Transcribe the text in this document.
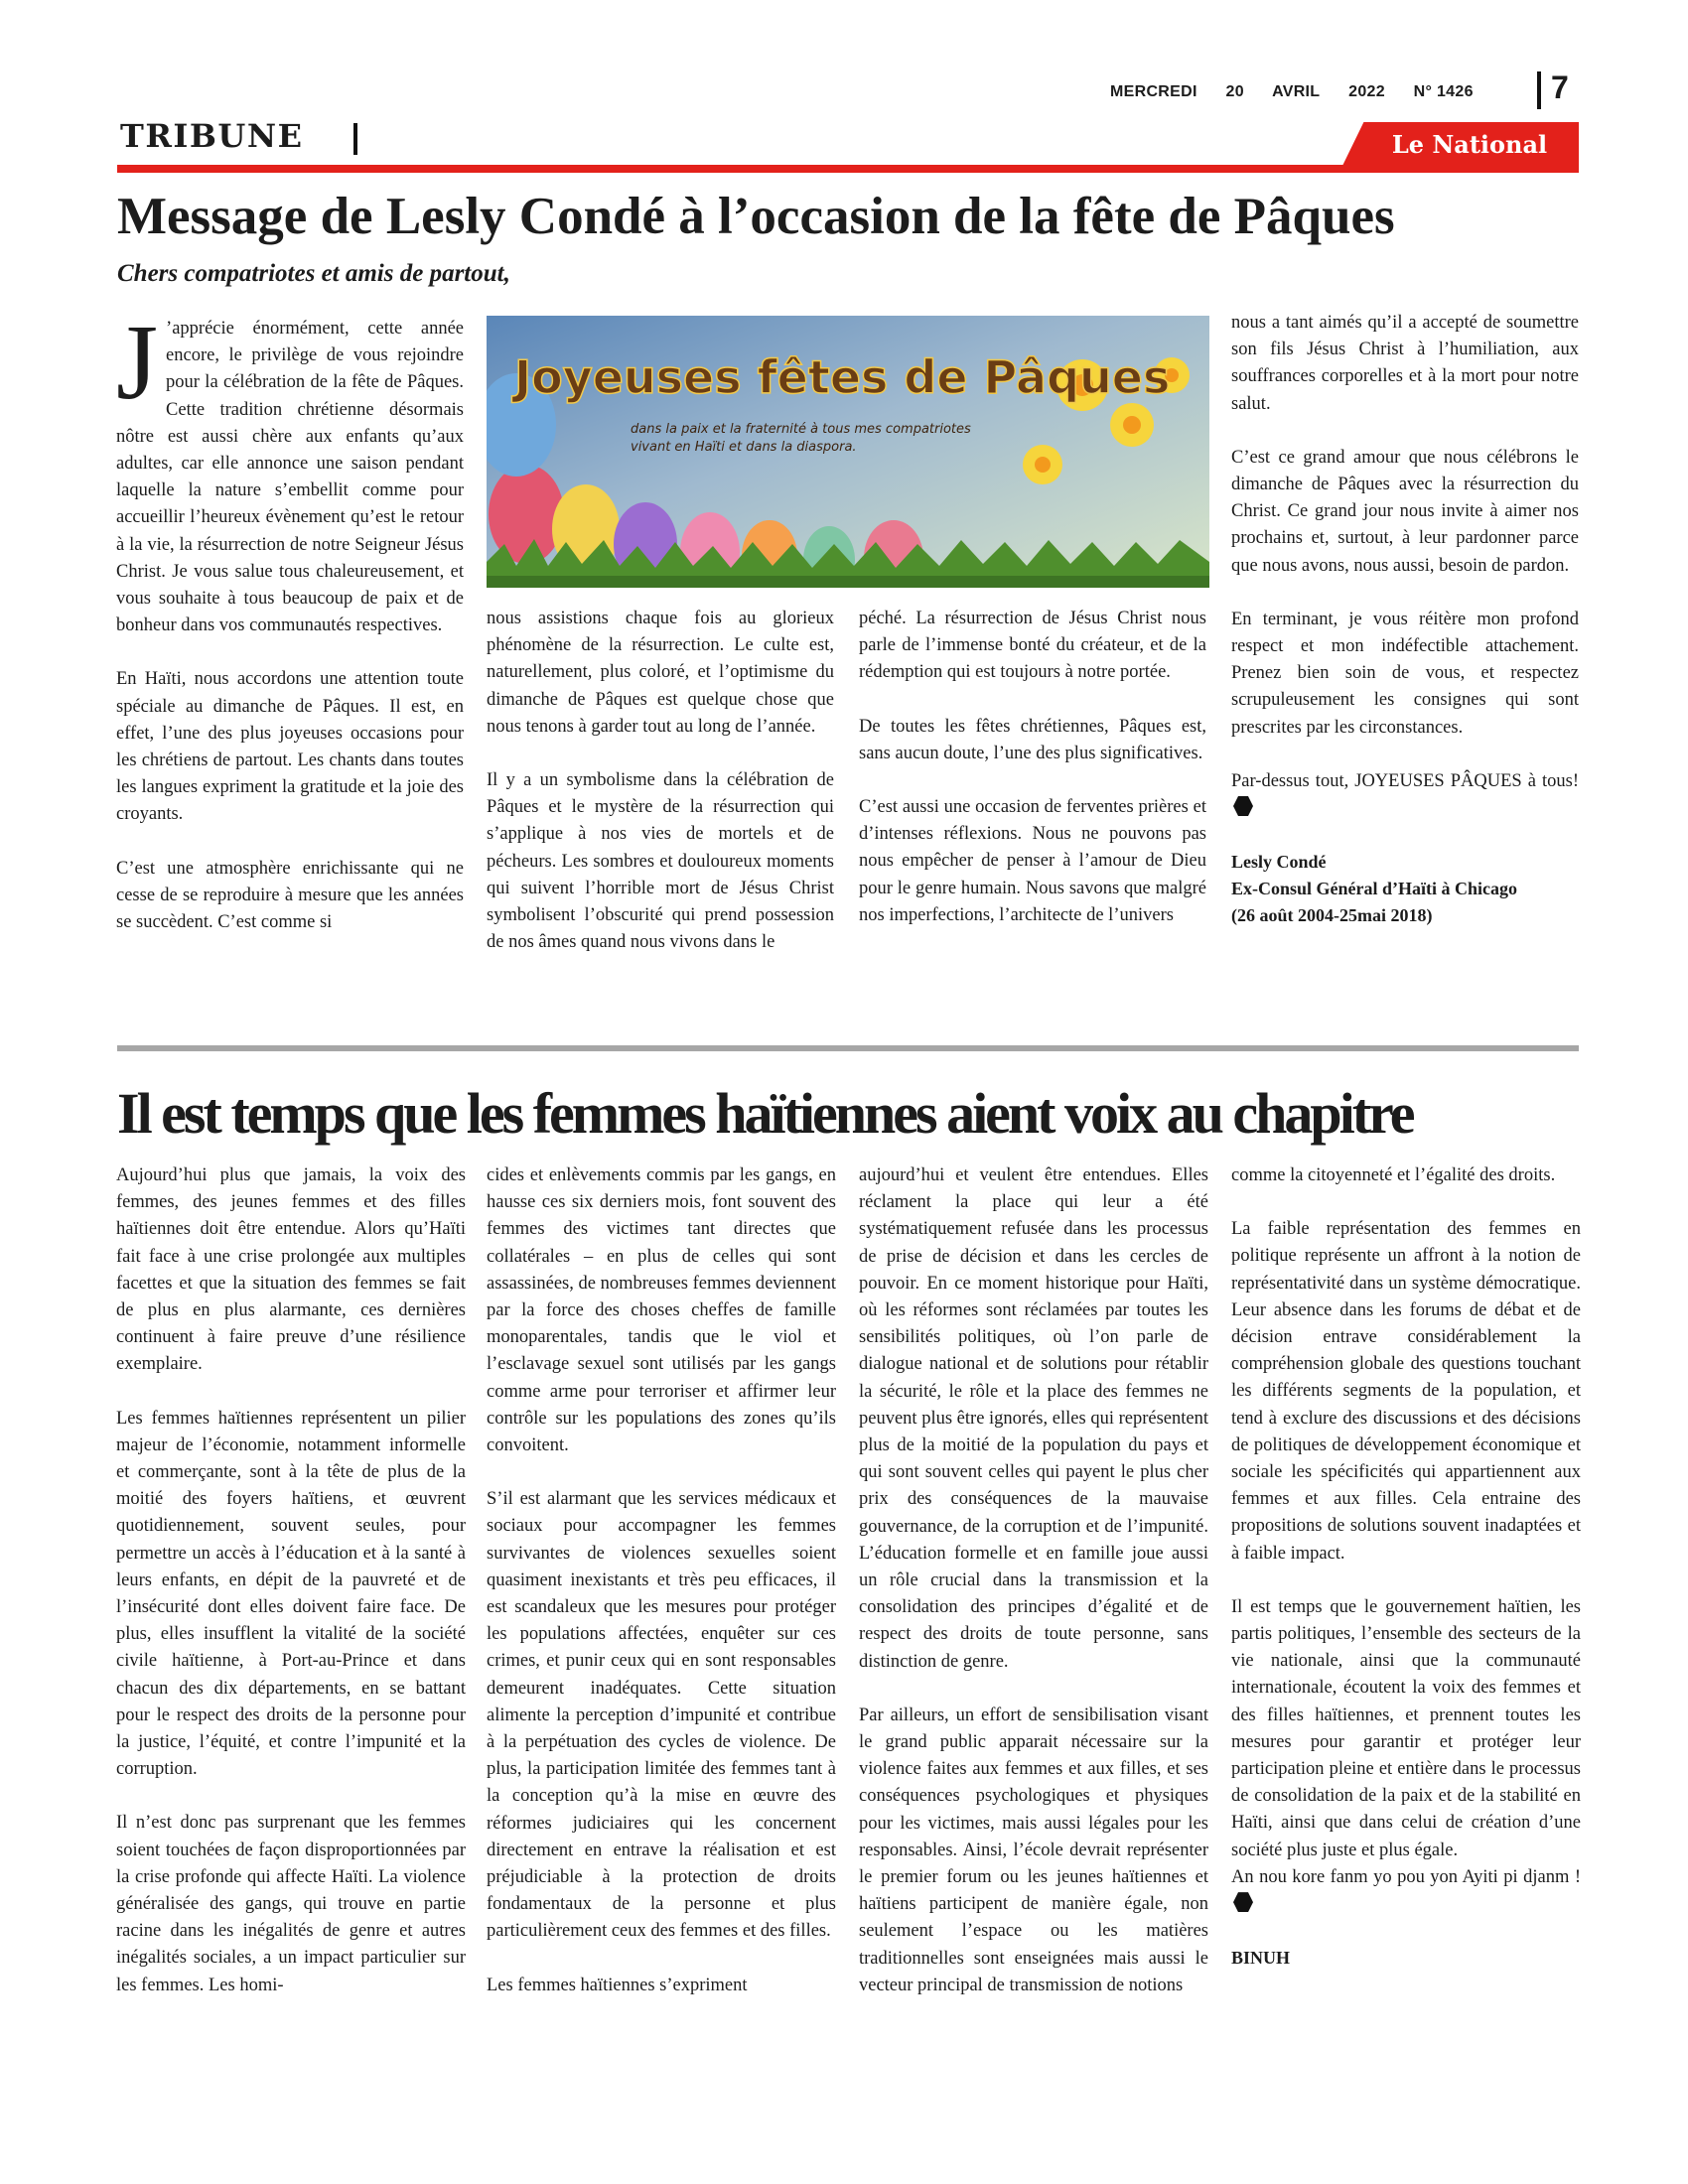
MERCREDI 20 AVRIL 2022 N° 1426	7
TRIBUNE	Le National
Message de Lesly Condé à l’occasion de la fête de Pâques
Chers compatriotes et amis de partout,

J ’apprécie énormément, cette année encore, le privilège de vous rejoindre pour la célébration de la fête de Pâques. Cette tradition chrétienne désormais nôtre est aussi chère aux enfants qu’aux adultes, car elle annonce une saison pendant laquelle la nature s’embellit comme pour accueillir l’heureux évènement qu’est le retour à la vie, la résurrection de notre Seigneur Jésus Christ. Je vous salue tous chaleureusement, et vous souhaite à tous beaucoup de paix et de bonheur dans vos communautés respectives.

En Haïti, nous accordons une attention toute spéciale au dimanche de Pâques. Il est, en effet, l’une des plus joyeuses occasions pour les chrétiens de partout. Les chants dans toutes les langues expriment la gratitude et la joie des croyants.

C’est une atmosphère enrichissante qui ne cesse de se reproduire à mesure que les années se succèdent. C’est comme si

Joyeuses fêtes de Pâques
dans la paix et la fraternité à tous mes compatriotes
vivant en Haïti et dans la diaspora.

nous assistions chaque fois au glorieux phénomène de la résurrection. Le culte est, naturellement, plus coloré, et l’optimisme du dimanche de Pâques est quelque chose que nous tenons à garder tout au long de l’année.

Il y a un symbolisme dans la célébration de Pâques et le mystère de la résurrection qui s’applique à nos vies de mortels et de pécheurs. Les sombres et douloureux moments qui suivent l’horrible mort de Jésus Christ symbolisent l’obscurité qui prend possession de nos âmes quand nous vivons dans le

péché. La résurrection de Jésus Christ nous parle de l’immense bonté du créateur, et de la rédemption qui est toujours à notre portée.

De toutes les fêtes chrétiennes, Pâques est, sans aucun doute, l’une des plus significatives.

C’est aussi une occasion de ferventes prières et d’intenses réflexions. Nous ne pouvons pas nous empêcher de penser à l’amour de Dieu pour le genre humain. Nous savons que malgré nos imperfections, l’architecte de l’univers

nous a tant aimés qu’il a accepté de soumettre son fils Jésus Christ à l’humiliation, aux souffrances corporelles et à la mort pour notre salut.

C’est ce grand amour que nous célébrons le dimanche de Pâques avec la résurrection du Christ. Ce grand jour nous invite à aimer nos prochains et, surtout, à leur pardonner parce que nous avons, nous aussi, besoin de pardon.

En terminant, je vous réitère mon profond respect et mon indéfectible attachement. Prenez bien soin de vous, et respectez scrupuleusement les consignes qui sont prescrites par les circonstances.

Par-dessus tout, JOYEUSES PÂQUES à tous!

Lesly Condé
Ex-Consul Général d’Haïti à Chicago
(26 août 2004-25mai 2018)
Il est temps que les femmes haïtiennes aient voix au chapitre

Aujourd’hui plus que jamais, la voix des femmes, des jeunes femmes et des filles haïtiennes doit être entendue. Alors qu’Haïti fait face à une crise prolongée aux multiples facettes et que la situation des femmes se fait de plus en plus alarmante, ces dernières continuent à faire preuve d’une résilience exemplaire.

Les femmes haïtiennes représentent un pilier majeur de l’économie, notamment informelle et commerçante, sont à la tête de plus de la moitié des foyers haïtiens, et œuvrent quotidiennement, souvent seules, pour permettre un accès à l’éducation et à la santé à leurs enfants, en dépit de la pauvreté et de l’insécurité dont elles doivent faire face. De plus, elles insufflent la vitalité de la société civile haïtienne, à Port-au-Prince et dans chacun des dix départements, en se battant pour le respect des droits de la personne pour la justice, l’équité, et contre l’impunité et la corruption.

Il n’est donc pas surprenant que les femmes soient touchées de façon disproportionnées par la crise profonde qui affecte Haïti. La violence généralisée des gangs, qui trouve en partie racine dans les inégalités de genre et autres inégalités sociales, a un impact particulier sur les femmes. Les homi-

cides et enlèvements commis par les gangs, en hausse ces six derniers mois, font souvent des femmes des victimes tant directes que collatérales – en plus de celles qui sont assassinées, de nombreuses femmes deviennent par la force des choses cheffes de famille monoparentales, tandis que le viol et l’esclavage sexuel sont utilisés par les gangs comme arme pour terroriser et affirmer leur contrôle sur les populations des zones qu’ils convoitent.

S’il est alarmant que les services médicaux et sociaux pour accompagner les femmes survivantes de violences sexuelles soient quasiment inexistants et très peu efficaces, il est scandaleux que les mesures pour protéger les populations affectées, enquêter sur ces crimes, et punir ceux qui en sont responsables demeurent inadéquates. Cette situation alimente la perception d’impunité et contribue à la perpétuation des cycles de violence. De plus, la participation limitée des femmes tant à la conception qu’à la mise en œuvre des réformes judiciaires qui les concernent directement en entrave la réalisation et est préjudiciable à la protection de droits fondamentaux de la personne et plus particulièrement ceux des femmes et des filles.

Les femmes haïtiennes s’expriment

aujourd’hui et veulent être entendues. Elles réclament la place qui leur a été systématiquement refusée dans les processus de prise de décision et dans les cercles de pouvoir. En ce moment historique pour Haïti, où les réformes sont réclamées par toutes les sensibilités politiques, où l’on parle de dialogue national et de solutions pour rétablir la sécurité, le rôle et la place des femmes ne peuvent plus être ignorés, elles qui représentent plus de la moitié de la population du pays et qui sont souvent celles qui payent le plus cher prix des conséquences de la mauvaise gouvernance, de la corruption et de l’impunité. L’éducation formelle et en famille joue aussi un rôle crucial dans la transmission et la consolidation des principes d’égalité et de respect des droits de toute personne, sans distinction de genre.

Par ailleurs, un effort de sensibilisation visant le grand public apparait nécessaire sur la violence faites aux femmes et aux filles, et ses conséquences psychologiques et physiques pour les victimes, mais aussi légales pour les responsables. Ainsi, l’école devrait représenter le premier forum ou les jeunes haïtiennes et haïtiens participent de manière égale, non seulement l’espace ou les matières traditionnelles sont enseignées mais aussi le vecteur principal de transmission de notions

comme la citoyenneté et l’égalité des droits.

La faible représentation des femmes en politique représente un affront à la notion de représentativité dans un système démocratique. Leur absence dans les forums de débat et de décision entrave considérablement la compréhension globale des questions touchant les différents segments de la population, et tend à exclure des discussions et des décisions de politiques de développement économique et sociale les spécificités qui appartiennent aux femmes et aux filles. Cela entraine des propositions de solutions souvent inadaptées et à faible impact.

Il est temps que le gouvernement haïtien, les partis politiques, l’ensemble des secteurs de la vie nationale, ainsi que la communauté internationale, écoutent la voix des femmes et des filles haïtiennes, et prennent toutes les mesures pour garantir et protéger leur participation pleine et entière dans le processus de consolidation de la paix et de la stabilité en Haïti, ainsi que dans celui de création d’une société plus juste et plus égale.

An nou kore fanm yo pou yon Ayiti pi djanm !

BINUH
